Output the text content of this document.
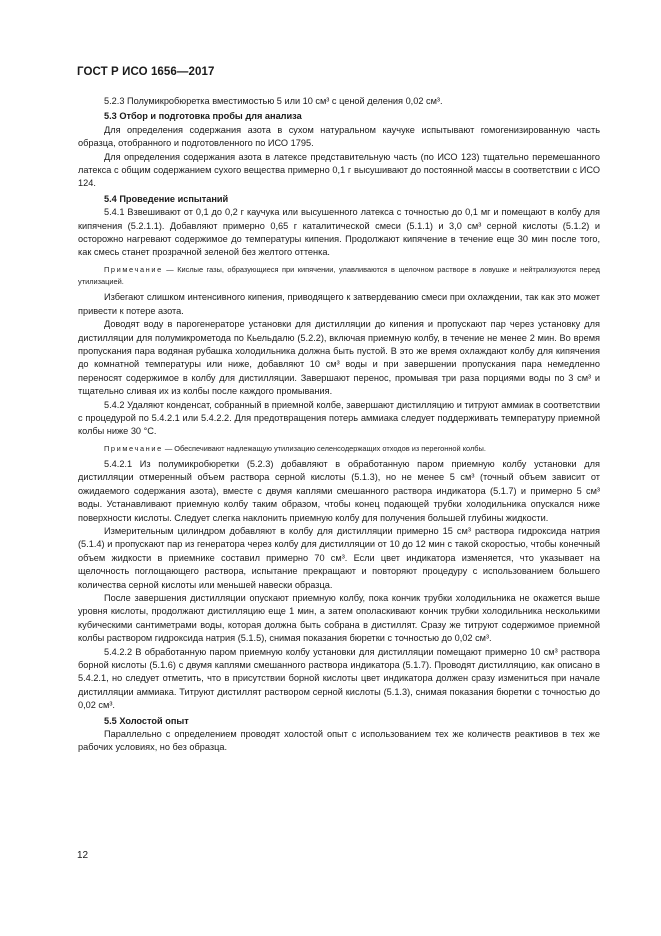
ГОСТ Р ИСО 1656—2017

5.2.3 Полумикробюретка вместимостью 5 или 10 см³ с ценой деления 0,02 см³.

5.3 Отбор и подготовка пробы для анализа

Для определения содержания азота в сухом натуральном каучуке испытывают гомогенизированную часть образца, отобранного и подготовленного по ИСО 1795.

Для определения содержания азота в латексе представительную часть (по ИСО 123) тщательно перемешанного латекса с общим содержанием сухого вещества примерно 0,1 г высушивают до постоянной массы в соответствии с ИСО 124.

5.4 Проведение испытаний

5.4.1 Взвешивают от 0,1 до 0,2 г каучука или высушенного латекса с точностью до 0,1 мг и помещают в колбу для кипячения (5.2.1.1). Добавляют примерно 0,65 г каталитической смеси (5.1.1) и 3,0 см³ серной кислоты (5.1.2) и осторожно нагревают содержимое до температуры кипения. Продолжают кипячение в течение еще 30 мин после того, как смесь станет прозрачной зеленой без желтого оттенка.

Примечание — Кислые газы, образующиеся при кипячении, улавливаются в щелочном растворе в ловушке и нейтрализуются перед утилизацией.

Избегают слишком интенсивного кипения, приводящего к затвердеванию смеси при охлаждении, так как это может привести к потере азота.

Доводят воду в парогенераторе установки для дистилляции до кипения и пропускают пар через установку для дистилляции для полумикрометода по Кьельдалю (5.2.2), включая приемную колбу, в течение не менее 2 мин. Во время пропускания пара водяная рубашка холодильника должна быть пустой. В это же время охлаждают колбу для кипячения до комнатной температуры или ниже, добавляют 10 см³ воды и при завершении пропускания пара немедленно переносят содержимое в колбу для дистилляции. Завершают перенос, промывая три раза порциями воды по 3 см³ и тщательно сливая их из колбы после каждого промывания.

5.4.2 Удаляют конденсат, собранный в приемной колбе, завершают дистилляцию и титруют аммиак в соответствии с процедурой по 5.4.2.1 или 5.4.2.2. Для предотвращения потерь аммиака следует поддерживать температуру приемной колбы ниже 30 °С.

Примечание — Обеспечивают надлежащую утилизацию селенсодержащих отходов из перегонной колбы.

5.4.2.1 Из полумикробюретки (5.2.3) добавляют в обработанную паром приемную колбу установки для дистилляции отмеренный объем раствора серной кислоты (5.1.3), но не менее 5 см³ (точный объем зависит от ожидаемого содержания азота), вместе с двумя каплями смешанного раствора индикатора (5.1.7) и примерно 5 см³ воды. Устанавливают приемную колбу таким образом, чтобы конец подающей трубки холодильника опускался ниже поверхности кислоты. Следует слегка наклонить приемную колбу для получения большей глубины жидкости.

Измерительным цилиндром добавляют в колбу для дистилляции примерно 15 см³ раствора гидроксида натрия (5.1.4) и пропускают пар из генератора через колбу для дистилляции от 10 до 12 мин с такой скоростью, чтобы конечный объем жидкости в приемнике составил примерно 70 см³. Если цвет индикатора изменяется, что указывает на щелочность поглощающего раствора, испытание прекращают и повторяют процедуру с использованием большего количества серной кислоты или меньшей навески образца.

После завершения дистилляции опускают приемную колбу, пока кончик трубки холодильника не окажется выше уровня кислоты, продолжают дистилляцию еще 1 мин, а затем ополаскивают кончик трубки холодильника несколькими кубическими сантиметрами воды, которая должна быть собрана в дистиллят. Сразу же титруют содержимое приемной колбы раствором гидроксида натрия (5.1.5), снимая показания бюретки с точностью до 0,02 см³.

5.4.2.2 В обработанную паром приемную колбу установки для дистилляции помещают примерно 10 см³ раствора борной кислоты (5.1.6) с двумя каплями смешанного раствора индикатора (5.1.7). Проводят дистилляцию, как описано в 5.4.2.1, но следует отметить, что в присутствии борной кислоты цвет индикатора должен сразу измениться при начале дистилляции аммиака. Титруют дистиллят раствором серной кислоты (5.1.3), снимая показания бюретки с точностью до 0,02 см³.

5.5 Холостой опыт

Параллельно с определением проводят холостой опыт с использованием тех же количеств реактивов в тех же рабочих условиях, но без образца.

12
